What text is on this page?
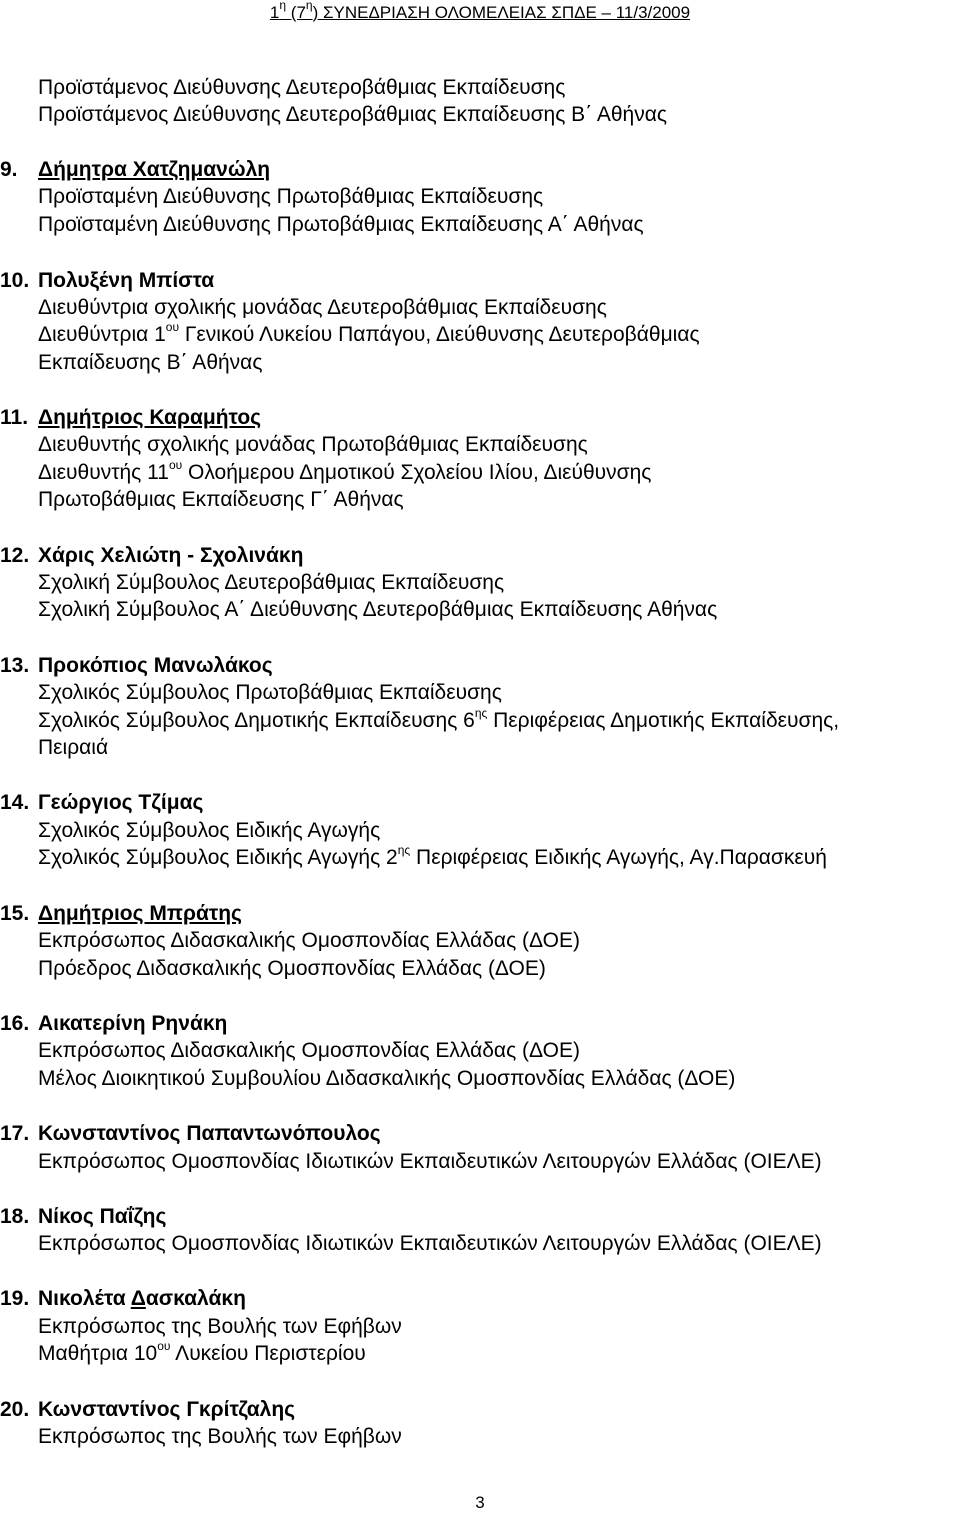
$1^\eta$ $(7^\eta)$ ΣΥΝΕΔΡΙΑΣΗ ΟΛΟΜΕΛΕΙΑΣ ΣΠΔΕ – 11/3/2009
Προϊστάμενος Διεύθυνσης Δευτεροβάθμιας Εκπαίδευσης
Προϊστάμενος Διεύθυνσης Δευτεροβάθμιας Εκπαίδευσης Β΄ Αθήνας
9. Δήμητρα Χατζημανώλη
Προϊσταμένη Διεύθυνσης Πρωτοβάθμιας Εκπαίδευσης
Προϊσταμένη Διεύθυνσης Πρωτοβάθμιας Εκπαίδευσης Α΄ Αθήνας
10. Πολυξένη Μπίστα
Διευθύντρια σχολικής μονάδας Δευτεροβάθμιας Εκπαίδευσης
Διευθύντρια $1^{o\upsilon}$ Γενικού Λυκείου Παπάγου, Διεύθυνσης Δευτεροβάθμιας
Εκπαίδευσης Β΄ Αθήνας
11. Δημήτριος Καραμήτος
Διευθυντής σχολικής μονάδας Πρωτοβάθμιας Εκπαίδευσης
Διευθυντής $11^{o\upsilon}$ Ολοήμερου Δημοτικού Σχολείου Ιλίου, Διεύθυνσης
Πρωτοβάθμιας Εκπαίδευσης Γ΄ Αθήνας
12. Χάρις Χελιώτη - Σχολινάκη
Σχολική Σύμβουλος Δευτεροβάθμιας Εκπαίδευσης
Σχολική Σύμβουλος Α΄ Διεύθυνσης Δευτεροβάθμιας Εκπαίδευσης Αθήνας
13. Προκόπιος Μανωλάκος
Σχολικός Σύμβουλος Πρωτοβάθμιας Εκπαίδευσης
Σχολικός Σύμβουλος Δημοτικής Εκπαίδευσης $6^{\eta\varsigma}$ Περιφέρειας Δημοτικής Εκπαίδευσης,
Πειραιά
14. Γεώργιος Τζίμας
Σχολικός Σύμβουλος Ειδικής Αγωγής
Σχολικός Σύμβουλος Ειδικής Αγωγής $2^{\eta\varsigma}$ Περιφέρειας Ειδικής Αγωγής, Αγ.Παρασκευή
15. Δημήτριος Μπράτης
Εκπρόσωπος Διδασκαλικής Ομοσπονδίας Ελλάδας (ΔΟΕ)
Πρόεδρος Διδασκαλικής Ομοσπονδίας Ελλάδας (ΔΟΕ)
16. Αικατερίνη Ρηνάκη
Εκπρόσωπος Διδασκαλικής Ομοσπονδίας Ελλάδας (ΔΟΕ)
Μέλος Διοικητικού Συμβουλίου Διδασκαλικής Ομοσπονδίας Ελλάδας (ΔΟΕ)
17. Κωνσταντίνος Παπαντωνόπουλος
Εκπρόσωπος Ομοσπονδίας Ιδιωτικών Εκπαιδευτικών Λειτουργών Ελλάδας (ΟΙΕΛΕ)
18. Νίκος Παΐζης
Εκπρόσωπος Ομοσπονδίας Ιδιωτικών Εκπαιδευτικών Λειτουργών Ελλάδας (ΟΙΕΛΕ)
19. Νικολέτα Δασκαλάκη
Εκπρόσωπος της Βουλής των Εφήβων
Μαθήτρια $10^{o\upsilon}$ Λυκείου Περιστερίου
20. Κωνσταντίνος Γκρίτζαλης
Εκπρόσωπος της Βουλής των Εφήβων
3
